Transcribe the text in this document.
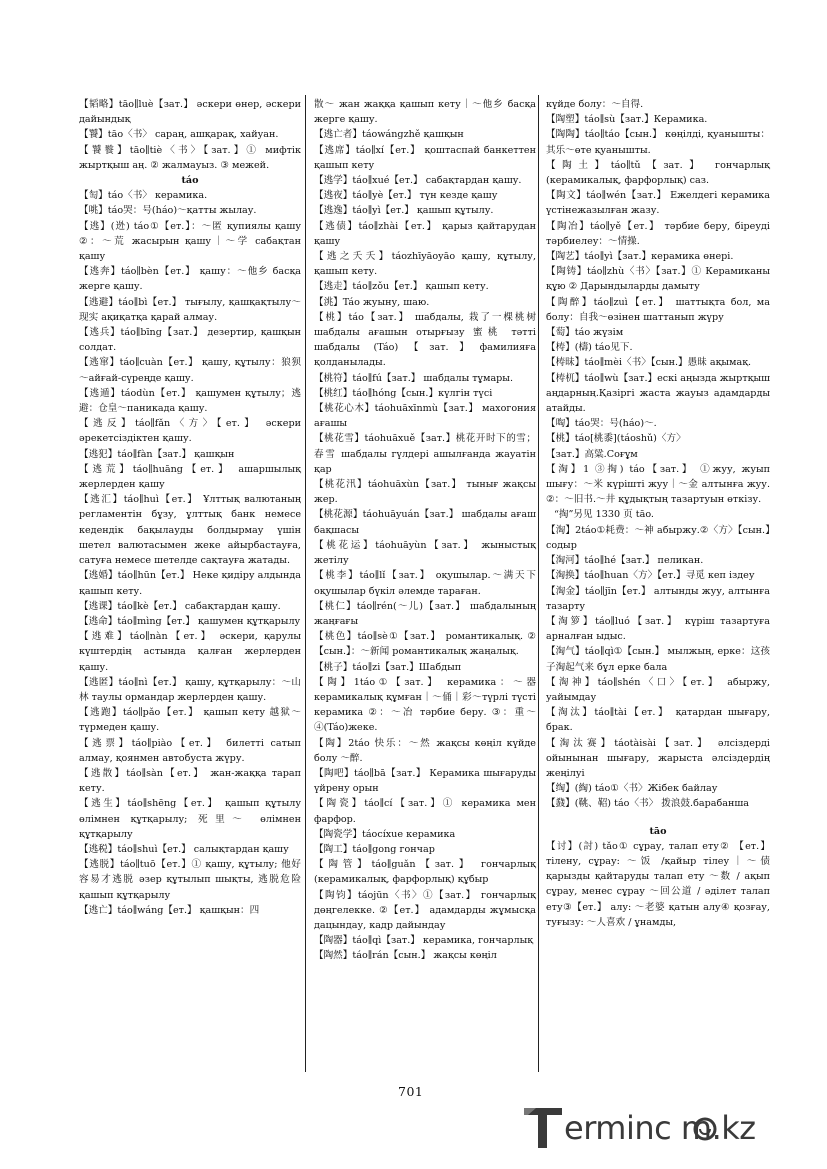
【韬略】tāo∥luè【зат.】 әскери өнер, әскери дайындық
【饕】tāo〈书〉 сараң, ашқарақ, хайуан.
【饕餮】tāo∥tiè〈书〉【зат.】① мифтік жыртқыш аң. ② жалмауыз. ③ межей.
táo
【匋】táo〈书〉 керамика.
【咷】táo哭：号(háo)～қатты жылау.
【逃】(迯) táo①【ет.】：～匿 қупиялы қашу ②：～荒 жасырын қашу｜～学 сабақтан қашу
【逃奔】táo∥bèn【ет.】 қашу：～他乡 басқа жерге қашу.
【逃避】táo∥bì【ет.】 тығылу, қашқақтылу～现实 ақиқатқа қарай алмау.
【逃兵】táo∥bīng【зат.】 дезертир, қашқын солдат.
【逃窜】táo∥cuàn【ет.】 қашу, құтылу：狼狈～айғай-сүреңде қашу.
【逃遁】táodùn【ет.】 қашумен құтылу；逃避：仓皇～паникада қашу.
【逃反】táo∥fǎn〈方〉【ет.】 әскери әрекетсіздіктен қашу.
【逃犯】táo∥fàn【зат.】 қашқын
【逃荒】táo∥huāng【ет.】 ашаршылық жерлерден қашу
【逃汇】táo∥huì【ет.】 Ұлттық валютаның регламентін бұзу, ұлттық банк немесе кедендік бақылауды болдырмау үшін шетел валютасымен жеке айырбастауға, сатуға немесе шетелде сақтауға жатады.
【逃婚】táo∥hūn【ет.】 Неке қидіру алдында қашып кету.
【逃课】táo∥kè【ет.】 сабақтардан қашу.
【逃命】táo∥mìng【ет.】 қашумен құтқарылу
【逃难】táo∥nàn【ет.】 әскери, қарулы күштердің астында қалған жерлерден қашу.
【逃匿】táo∥nì【ет.】 қашу, құтқарылу：～山林 таулы ормандар жерлерден қашу.
【逃跑】táo∥pǎo【ет.】 қашып кету 越狱～түрмеден қашу.
【逃票】táo∥piào【ет.】 билетті сатып алмау, қоянмен автобуста жүру.
【逃散】táo∥sàn【ет.】 жан-жаққа тарап кету.
【逃生】táo∥shēng【ет.】 қашып құтылу өлімнен құтқарылу; 死里～ өлімнен құтқарылу
【逃税】táo∥shuì【ет.】 салықтардан қашу
【逃脱】táo∥tuō【ет.】① қашу, құтылу; 他好容易才逃脱 әзер құтылып шықты, 逃脱危险 қашып құтқарылу
【逃亡】táo∥wáng【ет.】 қашқын：四
散～ жан жаққа қашып кету｜～他乡 басқа жерге қашу.
【逃亡者】táowángzhě қашқын
【逃席】táo∥xí【ет.】 қоштаспай банкеттен қашып кету
【逃学】táo∥xué【ет.】 сабақтардан қашу.
【逃夜】táo∥yè【ет.】 түн кезде қашу
【逃逸】táo∥yì【ет.】 қашып құтылу.
【逃债】táo∥zhài【ет.】 қарыз қайтарудан қашу
【逃之夭夭】táozhīyāoyāo қашу, құтылу, қашып кету.
【逃走】táo∥zǒu【ет.】 қашып кету.
【洮】Táo жуыну, шаю.
【桃】táo【зат.】 шабдалы, 栽了一棵桃树 шабдалы ағашын отырғызу 蜜桃 тәтті шабдалы (Táo)【зат.】фамилияға қолданылады.
【桃符】táo∥fú【зат.】 шабдалы тұмары.
【桃红】táo∥hóng【сын.】күлгін түсі
【桃花心木】táohuāxīnmù【зат.】 махогония ағашы
【桃花雪】táohuāxuě【зат.】桃花开时下的雪；春雪 шабдалы гүлдері ашылғанда жауатін қар
【桃花汛】táohuāxùn【зат.】 тынығ жақсы жер.
【桃花源】táohuāyuán【зат.】 шабдалы ағаш бақшасы
【桃花运】táohuāyùn【зат.】 жыныстық жетілу
【桃李】táo∥lǐ【зат.】 оқушылар.～满天下 оқушылар бүкіл әлемде тараған.
【桃仁】táo∥rén(～儿)【зат.】 шабдалының жаңғағы
【桃色】táo∥sè①【зат.】 романтикалық. ②【сын.】：～新闻 романтикалық жаңалық.
【桃子】táo∥zi【зат.】Шабдып
【陶】1táo①【зат.】 керамика：～器 керамикалық құмған｜～俑｜彩～түрлі түсті керамика ②：～冶 тәрбие беру. ③：重～④(Táo)жеке.
【陶】2táo 快乐：～然 жақсы көңіл күйде болу ～醉.
【陶吧】táo∥bā【зат.】 Керамика шығаруды үйрену орын
【陶瓷】táo∥cí【зат.】① керамика мен фарфор.
【陶瓷学】táocíxue керамика
【陶工】táo∥gong гончар
【陶管】táo∥guǎn【зат.】 гончарлық (керамикалық, фарфорлық) құбыр
【陶钧】táojūn〈书〉①【зат.】 гончарлық дөңгелекке. ②【ет.】 адамдарды жұмысқа дацындау, кадр дайындау
【陶器】táo∥qì【зат.】 керамика, гончарлық
【陶然】táo∥rán【сын.】 жақсы көңіл
күйде болу：～自得.
【陶塑】táo∥sù【зат.】Керамика.
【陶陶】táo∥táo【сын.】 көңілді, қуанышты：其乐～өте қуанышты.
【陶土】táo∥tǔ【зат.】 гончарлық (керамикалық, фарфорлық) саз.
【陶文】táo∥wén【зат.】 Ежелдегі керамика үстінежазылған жазу.
【陶冶】táo∥yě【ет.】 тәрбие беру, біреуді тәрбиелеу：～情操.
【陶艺】táo∥yì【зат.】керамика өнері.
【陶铸】táo∥zhù〈书〉【зат.】① Керамиканы құю ② Дарындыларды дамыту
【陶醉】táo∥zuì【ет.】 шаттықта бол, ма болу：自我～өзінен шаттанып жүру
【萄】táo жүзім
【梼】(檮) táo见下.
【梼昧】táo∥mèi〈书〉【сын.】愚昧 ақымақ.
【梼杌】táo∥wù【зат.】ескі аңызда жыртқыш аңдарның.Қазіргі жаста жауыз адамдарды атайды.
【啕】táo哭：号(háo)～.
【桃】táo[桃黍](táoshǔ)〈方〉
【зат.】高粱.Соғұм
【淘】1 ③掏) táo【зат.】 ①жуу, жуып шығу：～米 күрішті жуу｜～金 алтынға жуу. ②：～旧书.～井 құдықтың тазартуын өткізу.
“掏”另见 1330 页 tāo.
【淘】2táo①耗费：～神 абыржу.②〈方〉【сын.】содыр
【淘河】táo∥hé【зат.】 пеликан.
【淘换】táo∥huan〈方〉【ет.】寻觅 кеп іздеу
【淘金】táo∥jīn【ет.】 алтынды жуу, алтынға тазарту
【淘箩】táo∥luó【зат.】 күріш тазартуға арналған ыдыс.
【淘气】táo∥qì①【сын.】 мылжың, ерке：这孩子淘起气来 бұл ерке бала
【淘神】táo∥shén〈口〉【ет.】 абыржу, уайымдау
【淘汰】táo∥tài【ет.】 қатардан шығару, брак.
【淘汰赛】táotàisài【зат.】 әлсіздерді ойынынан шығару, жарыста әлсіздердің жеңілуі
【绹】(綯) táo①〈书〉Жібек байлау
【鼗】(鞉、鞀) táo〈书〉 拨浪鼓.барабанша
tāo
【讨】(討) tǎo① сұрау, талап ету② 【ет.】 тілену, сұрау: ～饭 /қайыр тілеу｜～债 қарызды қайтаруды талап ету ～数 / ақып сұрау, менес сұрау ～回公道 / әділет талап ету③【ет.】 алу: ～老婆 қатын алу④ қозғау, туғызу: ～人喜欢 / ұнамды,
701
erminc m.kz
